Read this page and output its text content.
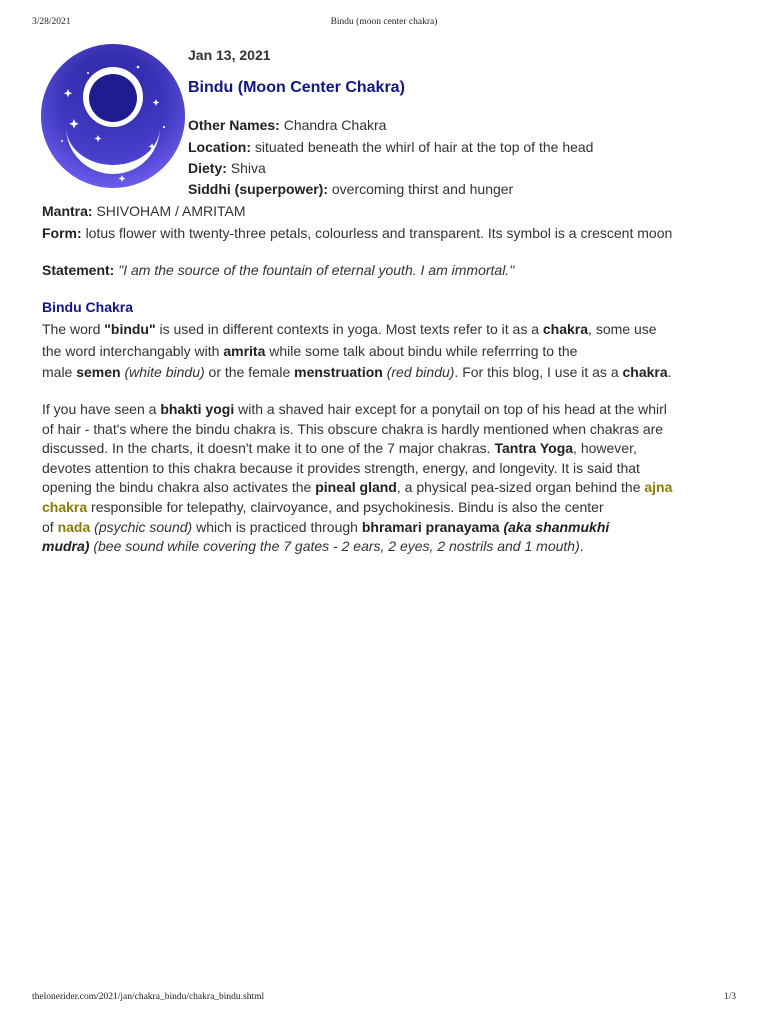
3/28/2021	Bindu (moon center chakra)
Jan 13, 2021
Bindu (Moon Center Chakra)
Other Names: Chandra Chakra
Location: situated beneath the whirl of hair at the top of the head
Diety: Shiva
Siddhi (superpower): overcoming thirst and hunger
Mantra: SHIVOHAM / AMRITAM
Form: lotus flower with twenty-three petals, colourless and transparent. Its symbol is a crescent moon
Statement: "I am the source of the fountain of eternal youth. I am immortal."
Bindu Chakra
The word "bindu" is used in different contexts in yoga. Most texts refer to it as a chakra, some use
the word interchangably with amrita while some talk about bindu while referrring to the
male semen (white bindu) or the female menstruation (red bindu). For this blog, I use it as a chakra.
If you have seen a bhakti yogi with a shaved hair except for a ponytail on top of his head at the whirl
of hair - that's where the bindu chakra is. This obscure chakra is hardly mentioned when chakras are
discussed. In the charts, it doesn't make it to one of the 7 major chakras. Tantra Yoga, however,
devotes attention to this chakra because it provides strength, energy, and longevity. It is said that
opening the bindu chakra also activates the pineal gland, a physical pea-sized organ behind the ajna
chakra responsible for telepathy, clairvoyance, and psychokinesis. Bindu is also the center
of nada (psychic sound) which is practiced through bhramari pranayama (aka shanmukhi
mudra) (bee sound while covering the 7 gates - 2 ears, 2 eyes, 2 nostrils and 1 mouth).
thelonerider.com/2021/jan/chakra_bindu/chakra_bindu.shtml	1/3
